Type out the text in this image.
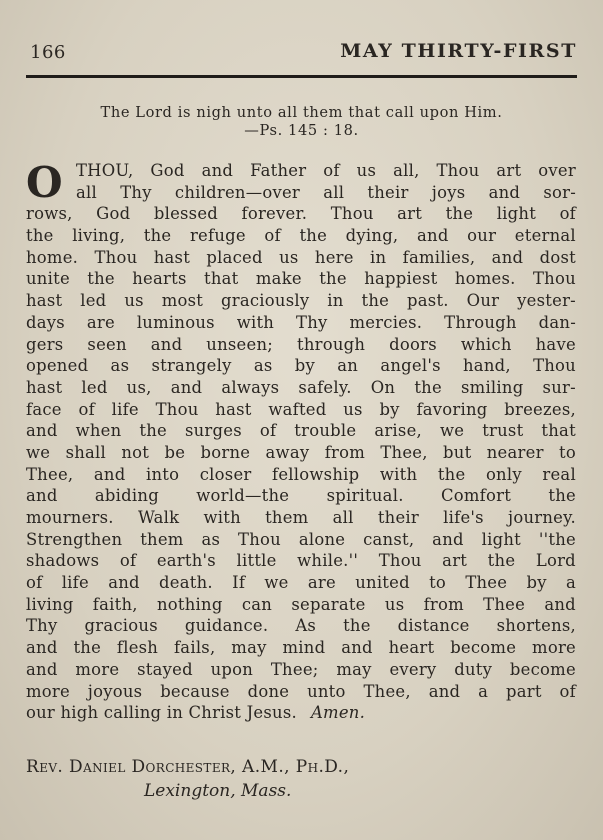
166	MAY THIRTY-FIRST
The Lord is nigh unto all them that call upon Him.
—Ps. 145 : 18.
O THOU, God and Father of us all, Thou art over
all Thy children—over all their joys and sor-
rows, God blessed forever. Thou art the light of
the living, the refuge of the dying, and our eternal
home. Thou hast placed us here in families, and dost
unite the hearts that make the happiest homes. Thou
hast led us most graciously in the past. Our yester-
days are luminous with Thy mercies. Through dan-
gers seen and unseen; through doors which have
opened as strangely as by an angel's hand, Thou
hast led us, and always safely. On the smiling sur-
face of life Thou hast wafted us by favoring breezes,
and when the surges of trouble arise, we trust that
we shall not be borne away from Thee, but nearer to
Thee, and into closer fellowship with the only real
and abiding world—the spiritual. Comfort the
mourners. Walk with them all their life's journey.
Strengthen them as Thou alone canst, and light ''the
shadows of earth's little while.'' Thou art the Lord
of life and death. If we are united to Thee by a
living faith, nothing can separate us from Thee and
Thy gracious guidance. As the distance shortens,
and the flesh fails, may mind and heart become more
and more stayed upon Thee; may every duty become
more joyous because done unto Thee, and a part of
our high calling in Christ Jesus. Amen.
Rev. Daniel Dorchester, A.M., Ph.D.,
Lexington, Mass.
